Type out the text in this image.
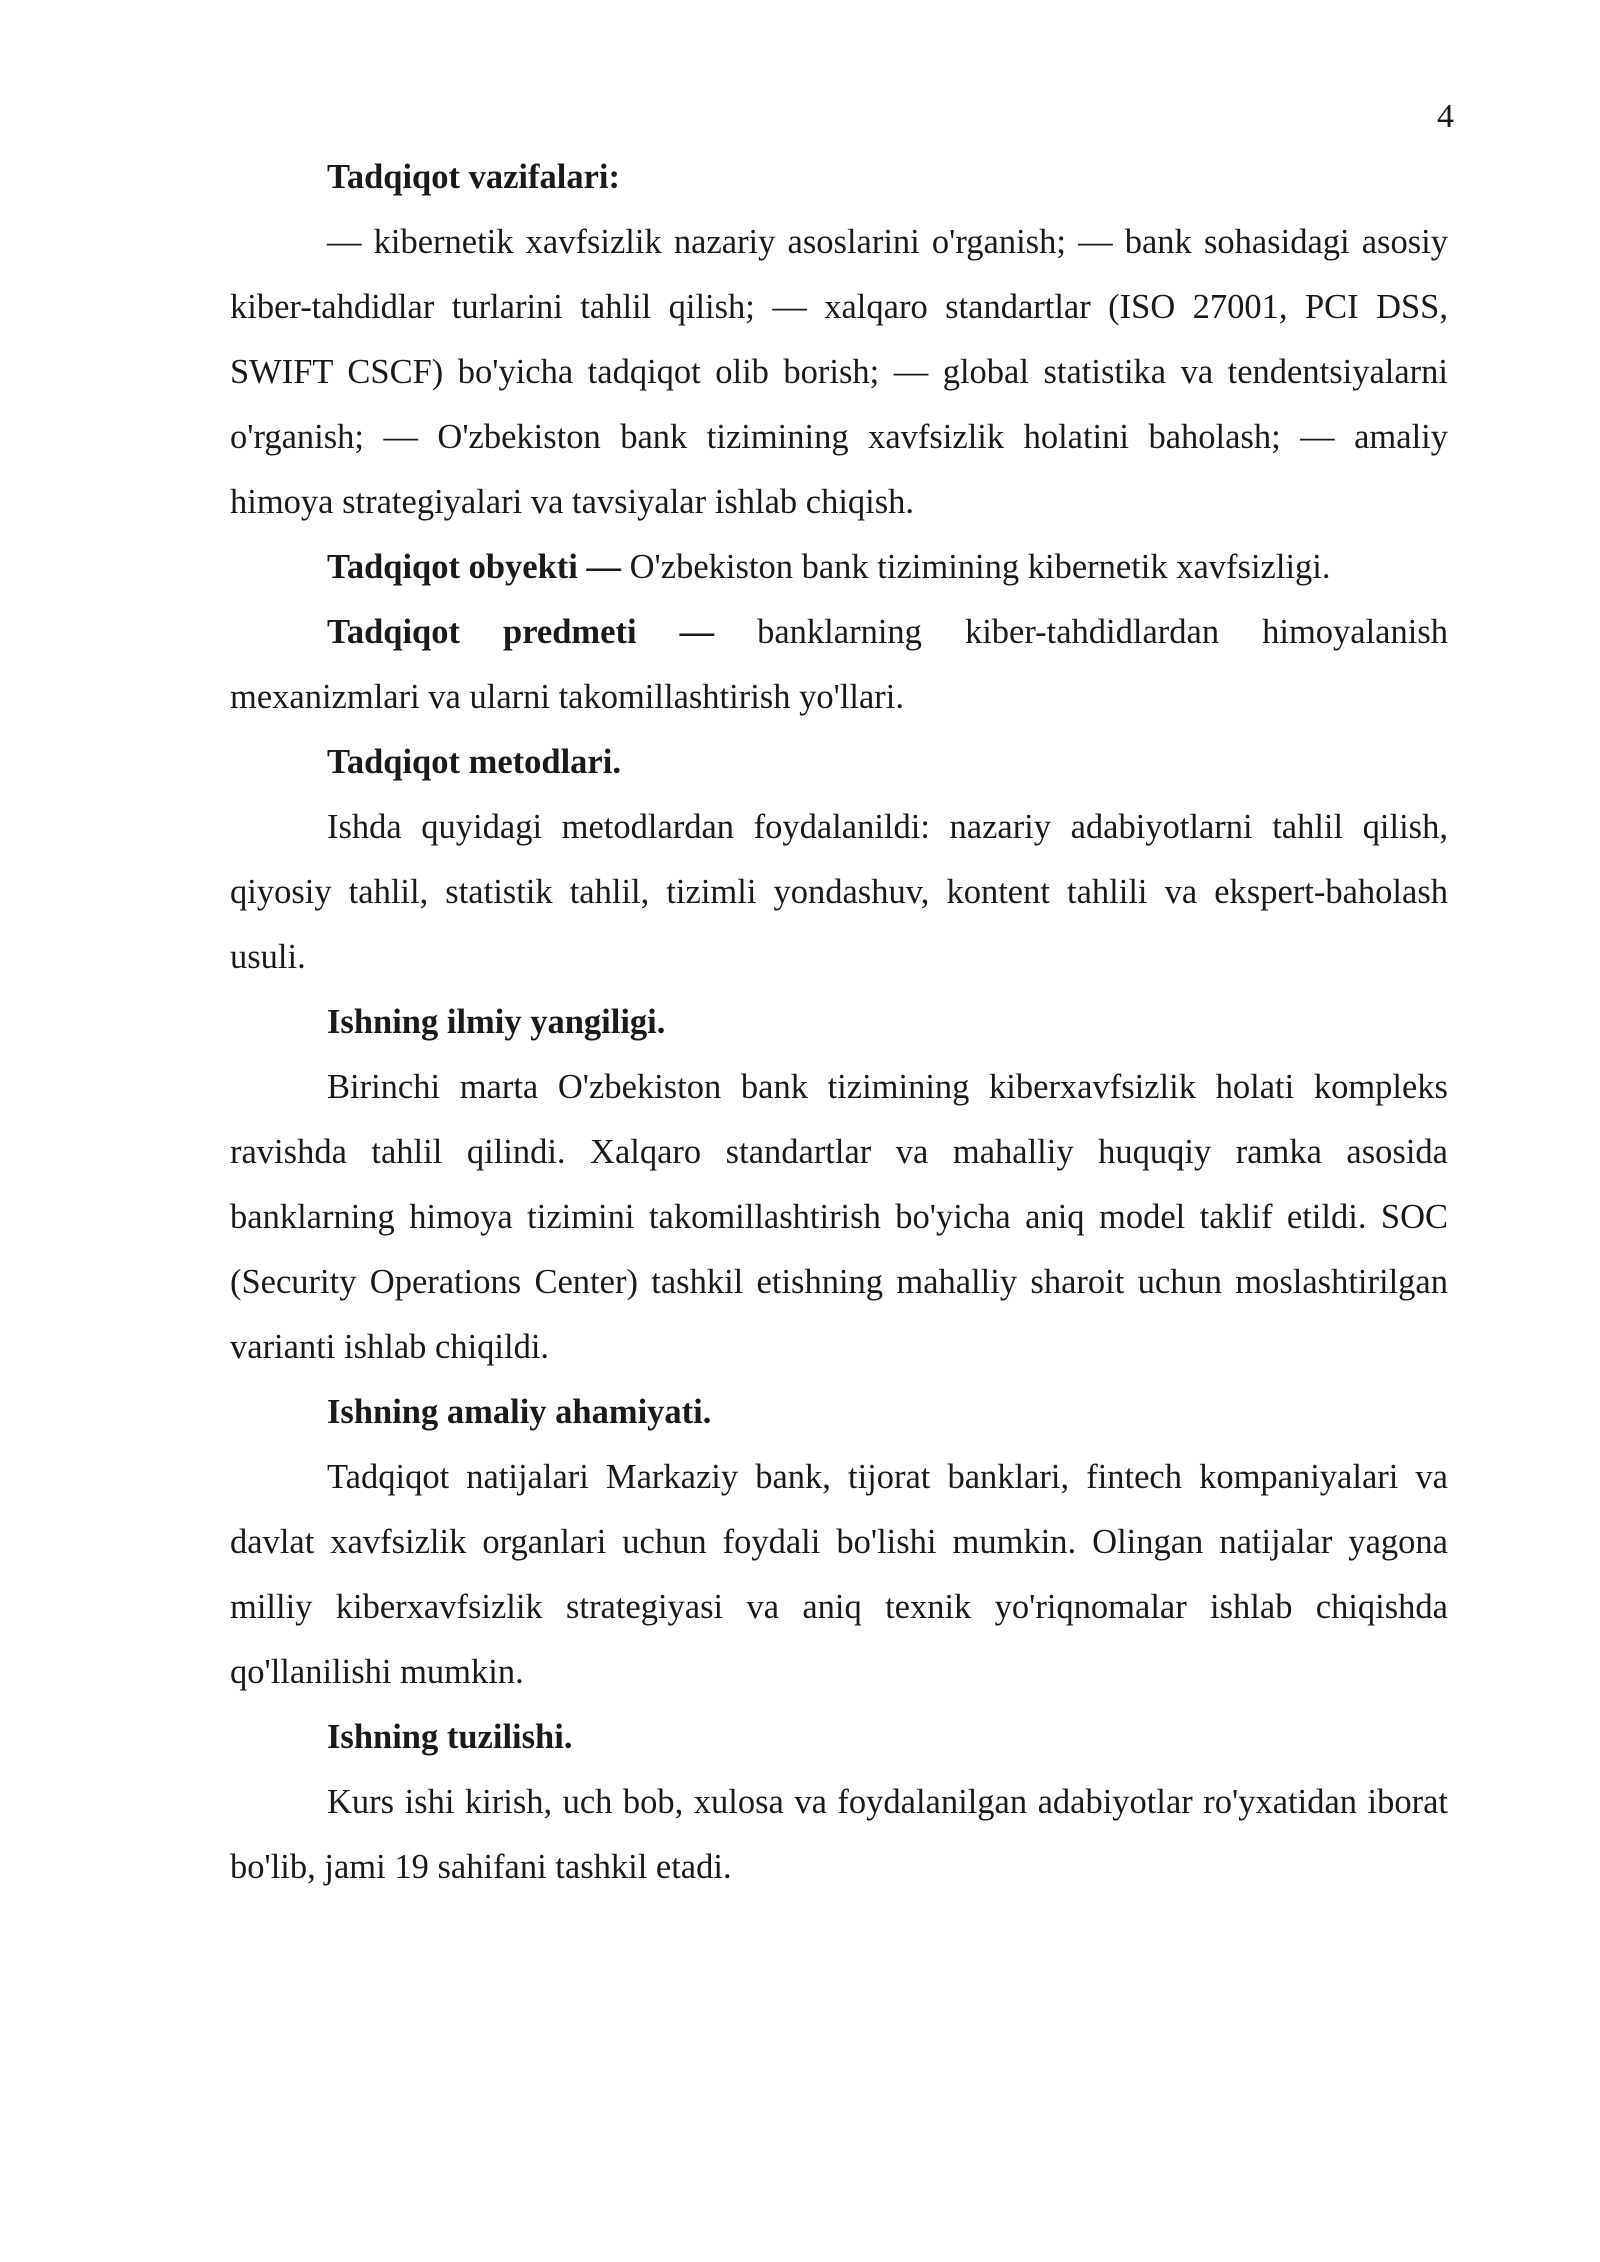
4

Tadqiqot vazifalari:

— kibernetik xavfsizlik nazariy asoslarini o'rganish; — bank sohasidagi asosiy kiber-tahdidlar turlarini tahlil qilish; — xalqaro standartlar (ISO 27001, PCI DSS, SWIFT CSCF) bo'yicha tadqiqot olib borish; — global statistika va tendentsiyalarni o'rganish; — O'zbekiston bank tizimining xavfsizlik holatini baholash; — amaliy himoya strategiyalari va tavsiyalar ishlab chiqish.

Tadqiqot obyekti — O'zbekiston bank tizimining kibernetik xavfsizligi.

Tadqiqot predmeti — banklarning kiber-tahdidlardan himoyalanish mexanizmlari va ularni takomillashtirish yo'llari.

Tadqiqot metodlari.

Ishda quyidagi metodlardan foydalanildi: nazariy adabiyotlarni tahlil qilish, qiyosiy tahlil, statistik tahlil, tizimli yondashuv, kontent tahlili va ekspert-baholash usuli.

Ishning ilmiy yangiligi.

Birinchi marta O'zbekiston bank tizimining kiberxavfsizlik holati kompleks ravishda tahlil qilindi. Xalqaro standartlar va mahalliy huquqiy ramka asosida banklarning himoya tizimini takomillashtirish bo'yicha aniq model taklif etildi. SOC (Security Operations Center) tashkil etishning mahalliy sharoit uchun moslashtirilgan varianti ishlab chiqildi.

Ishning amaliy ahamiyati.

Tadqiqot natijalari Markaziy bank, tijorat banklari, fintech kompaniyalari va davlat xavfsizlik organlari uchun foydali bo'lishi mumkin. Olingan natijalar yagona milliy kiberxavfsizlik strategiyasi va aniq texnik yo'riqnomalar ishlab chiqishda qo'llanilishi mumkin.

Ishning tuzilishi.

Kurs ishi kirish, uch bob, xulosa va foydalanilgan adabiyotlar ro'yxatidan iborat bo'lib, jami 19 sahifani tashkil etadi.
